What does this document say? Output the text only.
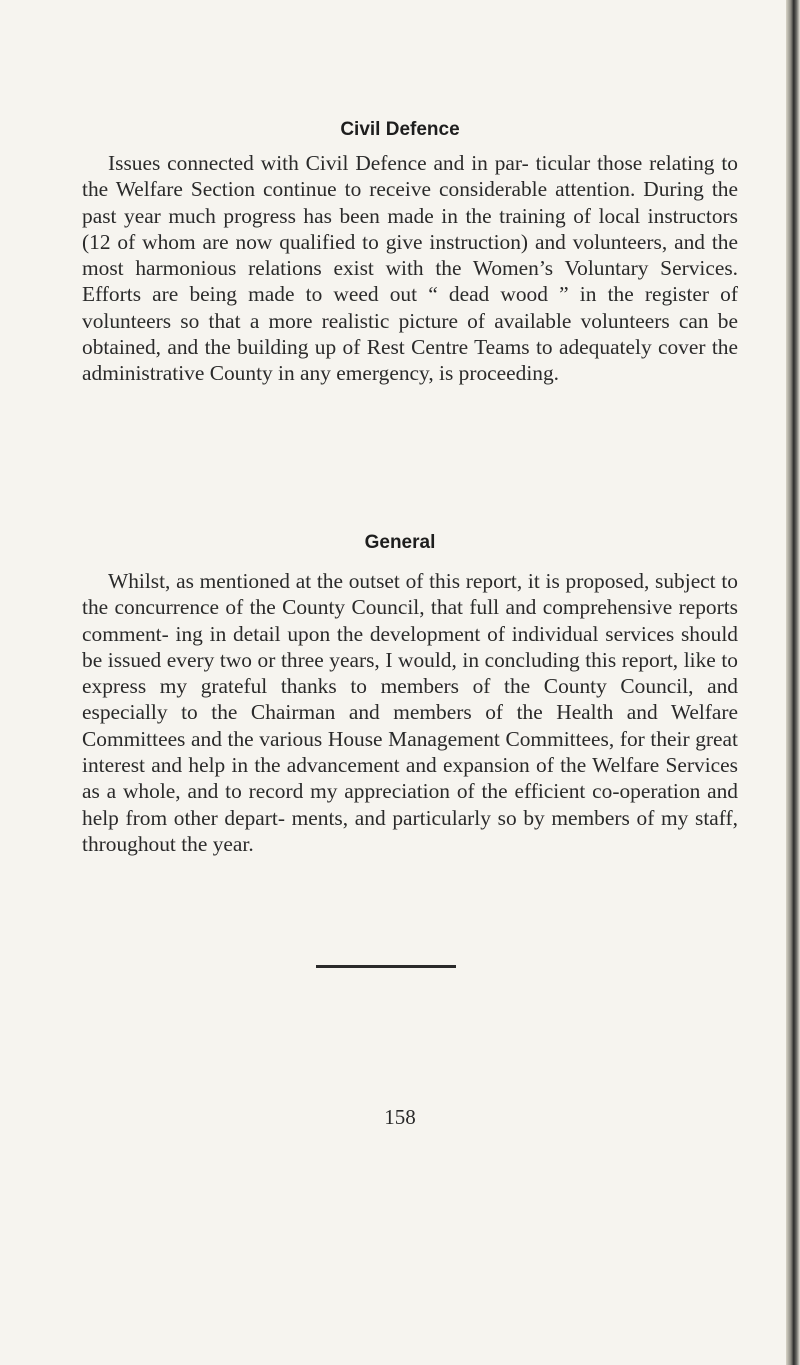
Civil Defence

Issues connected with Civil Defence and in par- ticular those relating to the Welfare Section continue to receive considerable attention. During the past year much progress has been made in the training of local instructors (12 of whom are now qualified to give instruction) and volunteers, and the most harmonious relations exist with the Women’s Voluntary Services. Efforts are being made to weed out “ dead wood ” in the register of volunteers so that a more realistic picture of available volunteers can be obtained, and the building up of Rest Centre Teams to adequately cover the administrative County in any emergency, is proceeding.

General

Whilst, as mentioned at the outset of this report, it is proposed, subject to the concurrence of the County Council, that full and comprehensive reports comment- ing in detail upon the development of individual services should be issued every two or three years, I would, in concluding this report, like to express my grateful thanks to members of the County Council, and especially to the Chairman and members of the Health and Welfare Committees and the various House Management Committees, for their great interest and help in the advancement and expansion of the Welfare Services as a whole, and to record my appreciation of the efficient co-operation and help from other depart- ments, and particularly so by members of my staff, throughout the year.

158
